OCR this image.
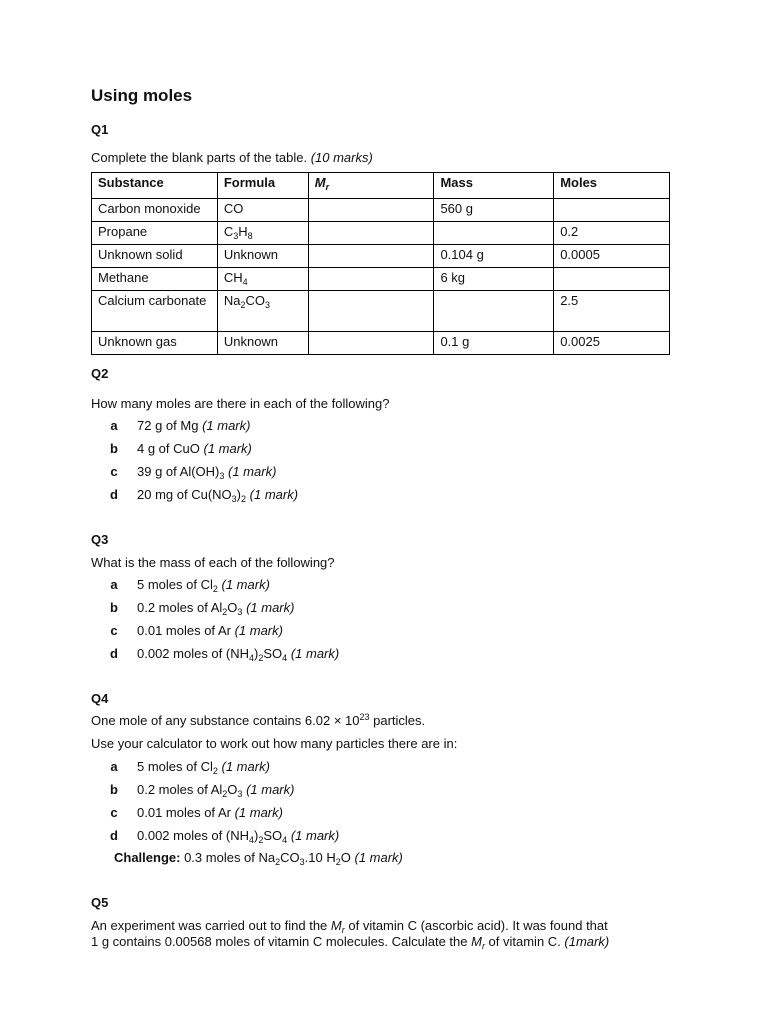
Using moles

Q1

Complete the blank parts of the table. (10 marks)

Substance	Formula	$M_r$	Mass	Moles
Carbon monoxide	CO		560 g	
Propane	$C_3H_8$			0.2
Unknown solid	Unknown		0.104 g	0.0005
Methane	$CH_4$		6 kg	
Calcium carbonate	$Na_2CO_3$			2.5
Unknown gas	Unknown		0.1 g	0.0025

Q2

How many moles are there in each of the following?

a 72 g of Mg (1 mark)
b 4 g of CuO (1 mark)
c 39 g of $Al(OH)_3$ (1 mark)
d 20 mg of $Cu(NO_3)_2$ (1 mark)

Q3

What is the mass of each of the following?

a 5 moles of $Cl_2$ (1 mark)
b 0.2 moles of $Al_2O_3$ (1 mark)
c 0.01 moles of Ar (1 mark)
d 0.002 moles of $(NH_4)_2SO_4$ (1 mark)

Q4

One mole of any substance contains $6.02 \times 10^{23}$ particles.

Use your calculator to work out how many particles there are in:

a 5 moles of $Cl_2$ (1 mark)
b 0.2 moles of $Al_2O_3$ (1 mark)
c 0.01 moles of Ar (1 mark)
d 0.002 moles of $(NH_4)_2SO_4$ (1 mark)
Challenge: 0.3 moles of $Na_2CO_3.10$ $H_2O$ (1 mark)

Q5

An experiment was carried out to find the $M_r$ of vitamin C (ascorbic acid). It was found that

1 g contains 0.00568 moles of vitamin C molecules. Calculate the $M_r$ of vitamin C. (1mark)
